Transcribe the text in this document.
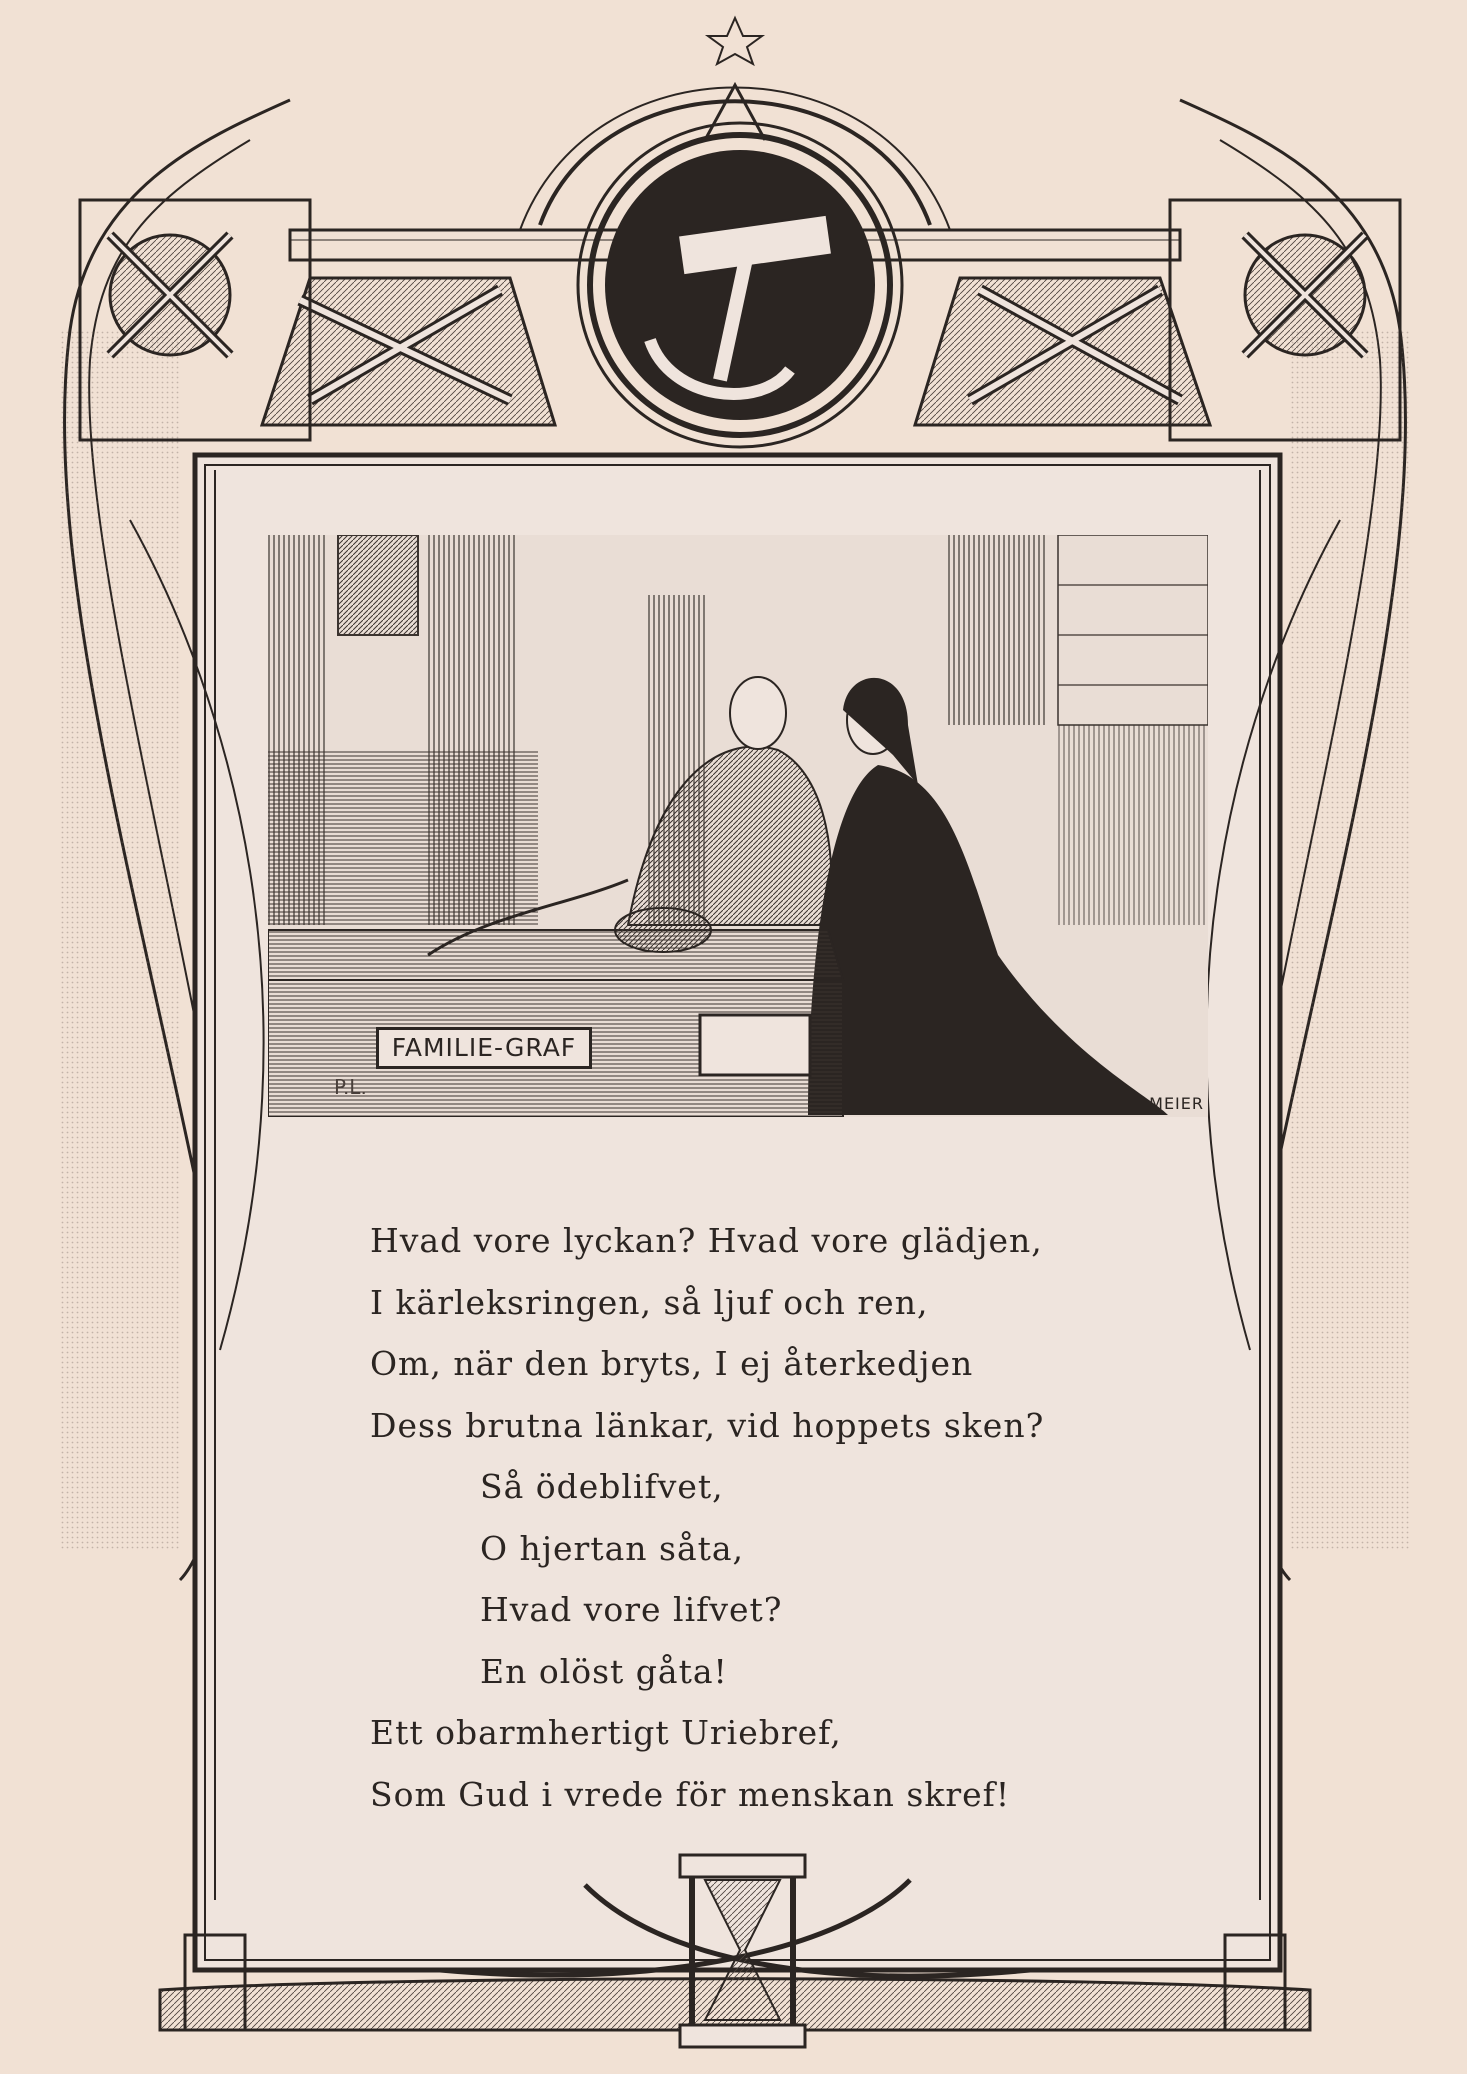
FAMILIE-GRAF
P.L.
MEIER
Hvad vore lyckan? Hvad vore glädjen,
I kärleksringen, så ljuf och ren,
Om, när den bryts, I ej återkedjen
Dess brutna länkar, vid hoppets sken?
Så ödeblifvet,
O hjertan såta,
Hvad vore lifvet?
En olöst gåta!
Ett obarmhertigt Uriebref,
Som Gud i vrede för menskan skref!
